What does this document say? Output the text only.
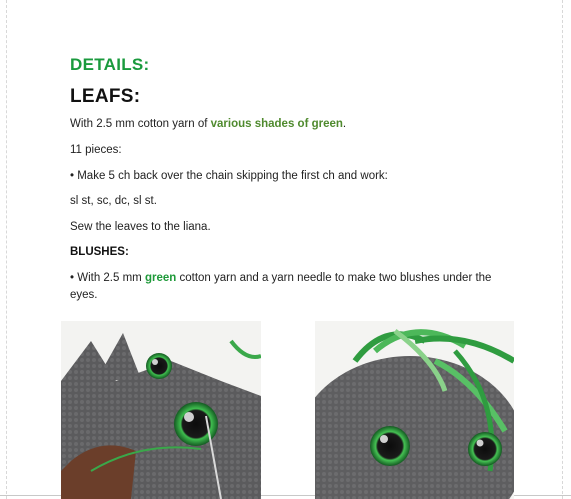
DETAILS:
LEAFS:

With 2.5 mm cotton yarn of various shades of green.

11 pieces:

• Make 5 ch back over the chain skipping the first ch and work:

sl st, sc, dc, sl st.

Sew the leaves to the liana.

BLUSHES:

• With 2.5 mm green cotton yarn and a yarn needle to make two blushes under the eyes.
